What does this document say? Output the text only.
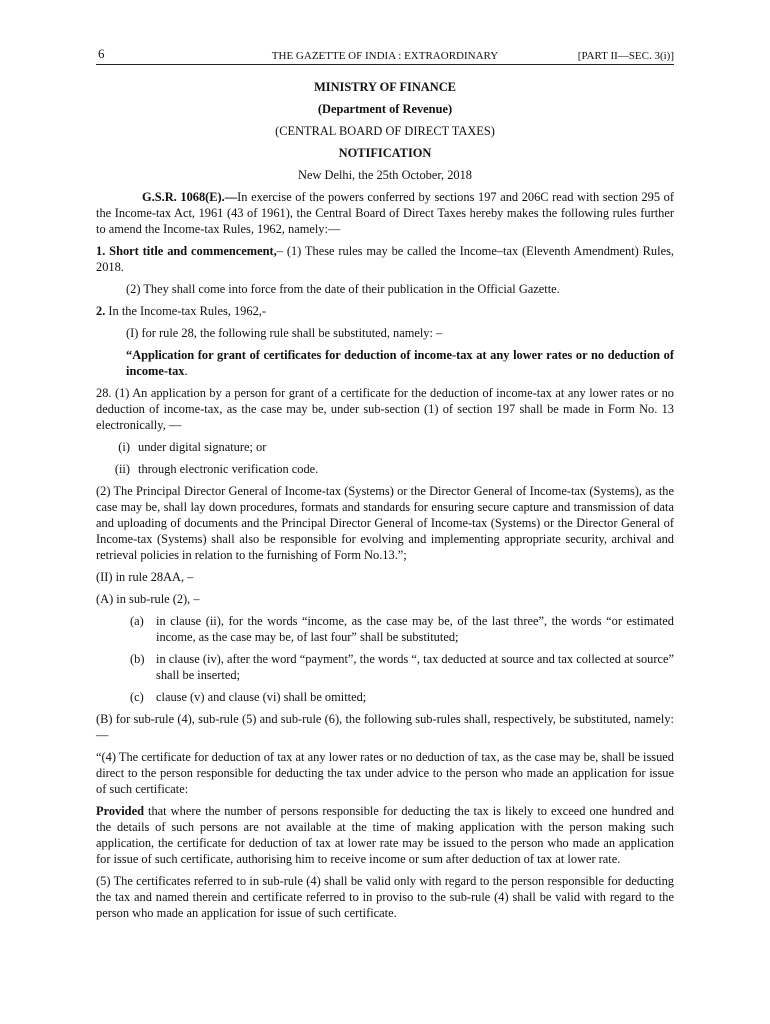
6	THE GAZETTE OF INDIA : EXTRAORDINARY	[PART II—SEC. 3(i)]
MINISTRY OF FINANCE
(Department of Revenue)
(CENTRAL BOARD OF DIRECT TAXES)
NOTIFICATION
New Delhi, the 25th October, 2018

G.S.R. 1068(E).—In exercise of the powers conferred by sections 197 and 206C read with section 295 of the Income-tax Act, 1961 (43 of 1961), the Central Board of Direct Taxes hereby makes the following rules further to amend the Income-tax Rules, 1962, namely:—

1. Short title and commencement,– (1) These rules may be called the Income–tax (Eleventh Amendment) Rules, 2018.

(2) They shall come into force from the date of their publication in the Official Gazette.

2. In the Income-tax Rules, 1962,-

(I) for rule 28, the following rule shall be substituted, namely: –

“Application for grant of certificates for deduction of income-tax at any lower rates or no deduction of income-tax.

28. (1) An application by a person for grant of a certificate for the deduction of income-tax at any lower rates or no deduction of income-tax, as the case may be, under sub-section (1) of section 197 shall be made in Form No. 13 electronically, —

(i) under digital signature; or
(ii) through electronic verification code.

(2) The Principal Director General of Income-tax (Systems) or the Director General of Income-tax (Systems), as the case may be, shall lay down procedures, formats and standards for ensuring secure capture and transmission of data and uploading of documents and the Principal Director General of Income-tax (Systems) or the Director General of Income-tax (Systems) shall also be responsible for evolving and implementing appropriate security, archival and retrieval policies in relation to the furnishing of Form No.13.”;

(II) in rule 28AA, –

(A) in sub-rule (2), –

(a) in clause (ii), for the words “income, as the case may be, of the last three”, the words “or estimated income, as the case may be, of last four” shall be substituted;
(b) in clause (iv), after the word “payment”, the words “, tax deducted at source and tax collected at source” shall be inserted;
(c) clause (v) and clause (vi) shall be omitted;

(B) for sub-rule (4), sub-rule (5) and sub-rule (6), the following sub-rules shall, respectively, be substituted, namely:—

“(4) The certificate for deduction of tax at any lower rates or no deduction of tax, as the case may be, shall be issued direct to the person responsible for deducting the tax under advice to the person who made an application for issue of such certificate:

Provided that where the number of persons responsible for deducting the tax is likely to exceed one hundred and the details of such persons are not available at the time of making application with the person making such application, the certificate for deduction of tax at lower rate may be issued to the person who made an application for issue of such certificate, authorising him to receive income or sum after deduction of tax at lower rate.

(5) The certificates referred to in sub-rule (4) shall be valid only with regard to the person responsible for deducting the tax and named therein and certificate referred to in proviso to the sub-rule (4) shall be valid with regard to the person who made an application for issue of such certificate.
